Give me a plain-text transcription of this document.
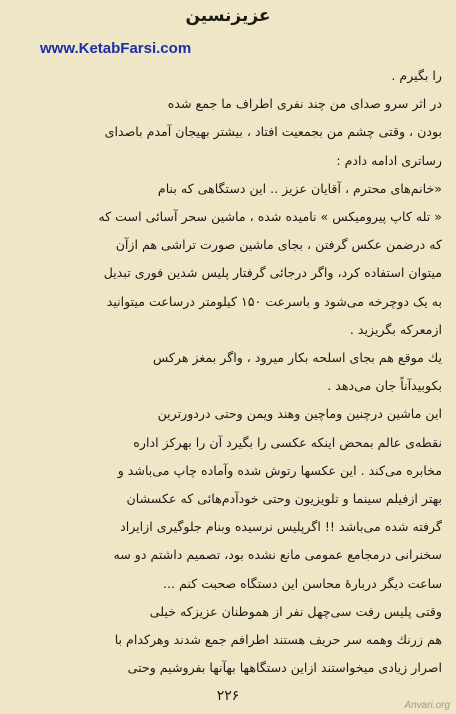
عزیزنسین
www.KetabFarsi.com

را بگیرم .

در اثر سرو صدای من چند نفری اطراف ما جمع شده

بودن ، وقتی چشم من بجمعیت افتاد ، بیشتر بهیجان آمدم باصدای

رساتری ادامه دادم :

«خانم‌های محترم ، آقایان عزیز .. این دستگاهی که بنام

« تله کاپ پیرومیکس » نامیده شده ، ماشین سحر آسائی است که

که درضمن عکس گرفتن ، بجای ماشین صورت تراشی هم ازآن

میتوان استفاده کرد، واگر درجائی گرفتار پلیس شدین فوری تبدیل

به یک دوچرخه می‌شود و باسرعت ۱۵۰ کیلومتر درساعت میتوانید

ازمعرکه بگریزید .

یك موقع هم بجای اسلحه بکار میرود ، واگر بمغز هرکس

بکوبیدآناً جان می‌دهد .

این ماشین درچنین وماچین وهند ویمن وحتی دردورترین

نقطه‌ی عالم بمحض اینکه عکسی را بگیرد آن را بهرکز اداره

مخابره می‌کند . این عکسها رتوش شده وآماده چاپ می‌باشد و

بهتر ازفیلم سینما و تلویزیون وحتی خودآدم‌هائی که عکسشان

گرفته شده می‌باشد !! اگرپلیس نرسیده وبنام جلوگیری ازایراد

سخنرانی درمجامع عمومی مانع نشده بود، تصمیم داشتم دو سه

ساعت دیگر دربارهٔ محاسن این دستگاه صحبت کنم ...

وقتی پلیس رفت سی‌چهل نفر از هموطنان عزیزکه خیلی

هم زرنك وهمه سر حریف هستند اطرافم جمع شدند وهرکدام با

اصرار زیادی میخواستند ازاین دستگاهها بهآنها بفروشیم وحتی

۲۲۶
Anvari.org
